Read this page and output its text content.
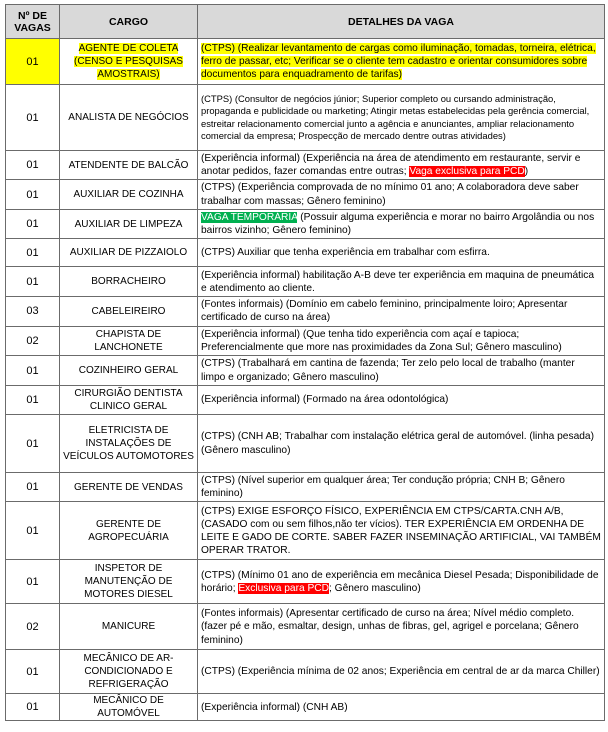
Nº DE VAGAS	CARGO	DETALHES DA VAGA
01	AGENTE DE COLETA (CENSO E PESQUISAS AMOSTRAIS)	(CTPS) (Realizar levantamento de cargas como iluminação, tomadas, torneira, elétrica, ferro de passar, etc; Verificar se o cliente tem cadastro e orientar consumidores sobre documentos para enquadramento de tarifas)
01	ANALISTA DE NEGÓCIOS	(CTPS) (Consultor de negócios júnior; Superior completo ou cursando administração, propaganda e publicidade ou marketing; Atingir metas estabelecidas pela gerência comercial, estreitar relacionamento comercial junto a agência e anunciantes, ampliar relacionamento comercial da empresa; Prospecção de mercado dentre outras atividades)
01	ATENDENTE DE BALCÃO	(Experiência informal) (Experiência na área de atendimento em restaurante, servir e anotar pedidos, fazer comandas entre outras; Vaga exclusiva para PCD)
01	AUXILIAR DE COZINHA	(CTPS) (Experiência comprovada de no mínimo 01 ano; A colaboradora deve saber trabalhar com massas; Gênero feminino)
01	AUXILIAR DE LIMPEZA	VAGA TEMPORÁRIA (Possuir alguma experiência e morar no bairro Argolândia ou nos bairros vizinho; Gênero feminino)
01	AUXILIAR DE PIZZAIOLO	(CTPS) Auxiliar que tenha experiência em trabalhar com esfirra.
01	BORRACHEIRO	(Experiência informal) habilitação A-B deve ter experiência em maquina de pneumática e atendimento ao cliente.
03	CABELEIREIRO	(Fontes informais) (Domínio em cabelo feminino, principalmente loiro; Apresentar certificado de curso na área)
02	CHAPISTA DE LANCHONETE	(Experiência informal) (Que tenha tido experiência com açaí e tapioca; Preferencialmente que more nas proximidades da Zona Sul; Gênero masculino)
01	COZINHEIRO GERAL	(CTPS) (Trabalhará em cantina de fazenda; Ter zelo pelo local de trabalho (manter limpo e organizado; Gênero masculino)
01	CIRURGIÃO DENTISTA CLINICO GERAL	(Experiência informal) (Formado na área odontológica)
01	ELETRICISTA DE INSTALAÇÕES DE VEÍCULOS AUTOMOTORES	(CTPS) (CNH AB; Trabalhar com instalação elétrica geral de automóvel. (linha pesada) (Gênero masculino)
01	GERENTE DE VENDAS	(CTPS) (Nível superior em qualquer área; Ter condução própria; CNH B; Gênero feminino)
01	GERENTE DE AGROPECUÁRIA	(CTPS) EXIGE ESFORÇO FÍSICO, EXPERIÊNCIA EM CTPS/CARTA.CNH A/B,(CASADO com ou sem filhos,não ter vícios). TER EXPERIÊNCIA EM ORDENHA DE LEITE E GADO DE CORTE. SABER FAZER INSEMINAÇÃO ARTIFICIAL, VAI TAMBÉM OPERAR TRATOR.
01	INSPETOR DE MANUTENÇÃO DE MOTORES DIESEL	(CTPS) (Mínimo 01 ano de experiência em mecânica Diesel Pesada; Disponibilidade de horário; Exclusiva para PCD; Gênero masculino)
02	MANICURE	(Fontes informais) (Apresentar certificado de curso na área; Nível médio completo. (fazer pé e mão, esmaltar, design, unhas de fibras, gel, agrigel e porcelana; Gênero feminino)
01	MECÂNICO DE AR-CONDICIONADO E REFRIGERAÇÃO	(CTPS) (Experiência mínima de 02 anos; Experiência em central de ar da marca Chiller)
01	MECÂNICO DE AUTOMÓVEL	(Experiência informal) (CNH AB)
